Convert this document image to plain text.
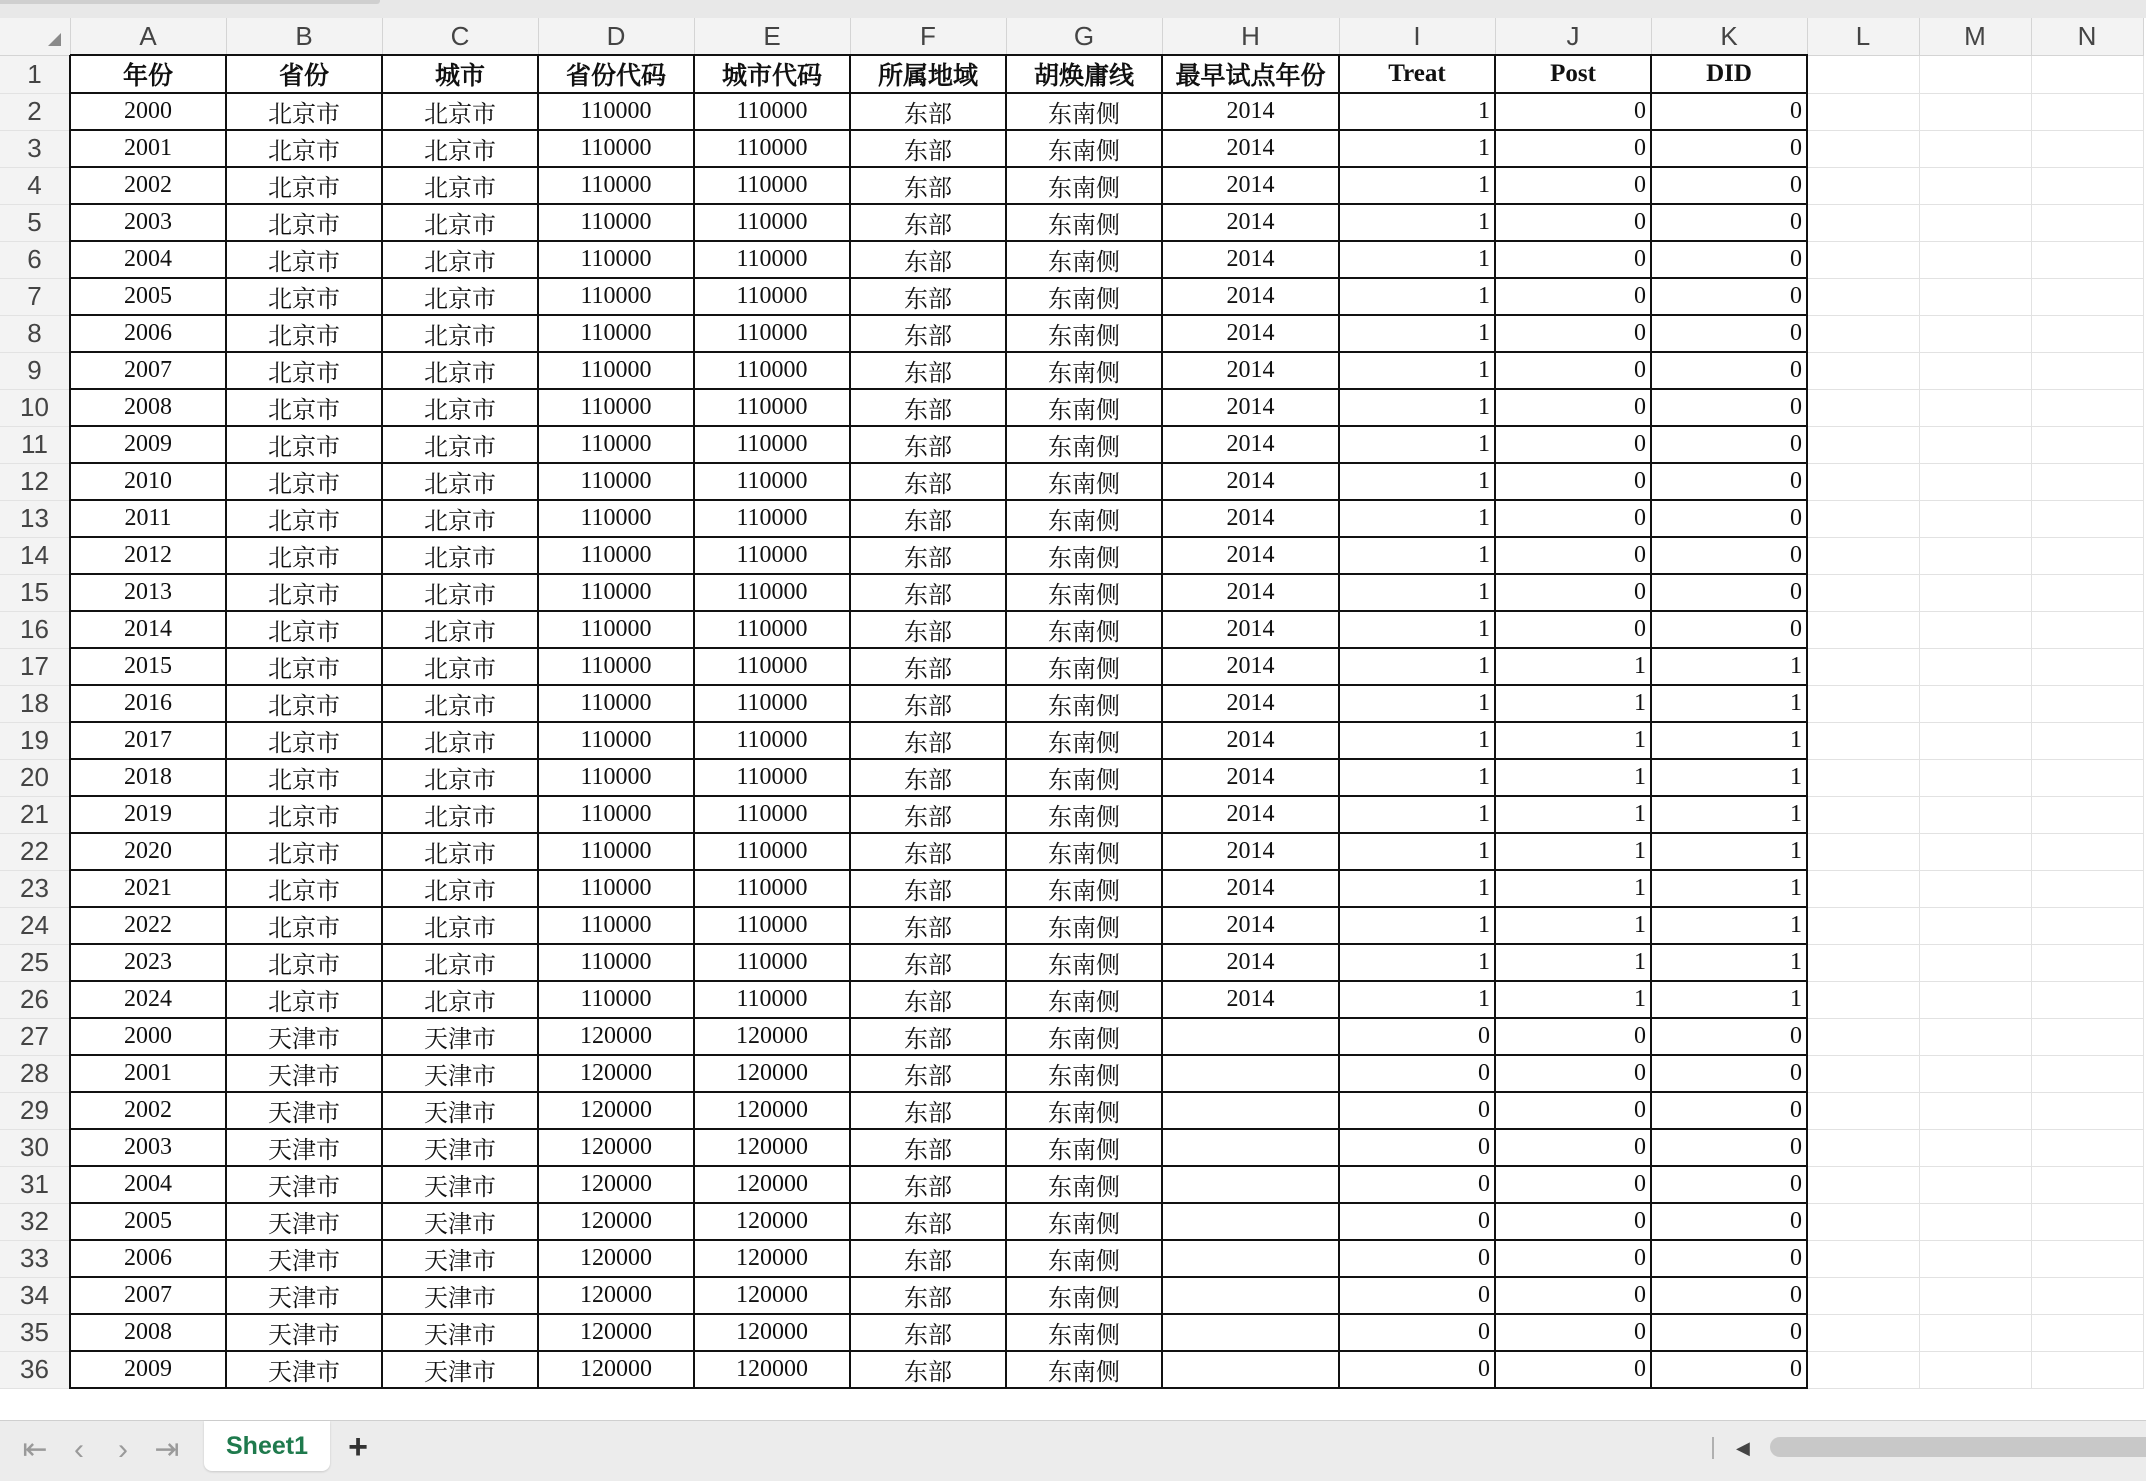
	A	B	C	D	E	F	G	H	I	J	K	L	M	N
1	年份	省份	城市	省份代码	城市代码	所属地域	胡焕庸线	最早试点年份	Treat	Post	DID			
2	2000	北京市	北京市	110000	110000	东部	东南侧	2014	1	0	0			
3	2001	北京市	北京市	110000	110000	东部	东南侧	2014	1	0	0			
4	2002	北京市	北京市	110000	110000	东部	东南侧	2014	1	0	0			
5	2003	北京市	北京市	110000	110000	东部	东南侧	2014	1	0	0			
6	2004	北京市	北京市	110000	110000	东部	东南侧	2014	1	0	0			
7	2005	北京市	北京市	110000	110000	东部	东南侧	2014	1	0	0			
8	2006	北京市	北京市	110000	110000	东部	东南侧	2014	1	0	0			
9	2007	北京市	北京市	110000	110000	东部	东南侧	2014	1	0	0			
10	2008	北京市	北京市	110000	110000	东部	东南侧	2014	1	0	0			
11	2009	北京市	北京市	110000	110000	东部	东南侧	2014	1	0	0			
12	2010	北京市	北京市	110000	110000	东部	东南侧	2014	1	0	0			
13	2011	北京市	北京市	110000	110000	东部	东南侧	2014	1	0	0			
14	2012	北京市	北京市	110000	110000	东部	东南侧	2014	1	0	0			
15	2013	北京市	北京市	110000	110000	东部	东南侧	2014	1	0	0			
16	2014	北京市	北京市	110000	110000	东部	东南侧	2014	1	0	0			
17	2015	北京市	北京市	110000	110000	东部	东南侧	2014	1	1	1			
18	2016	北京市	北京市	110000	110000	东部	东南侧	2014	1	1	1			
19	2017	北京市	北京市	110000	110000	东部	东南侧	2014	1	1	1			
20	2018	北京市	北京市	110000	110000	东部	东南侧	2014	1	1	1			
21	2019	北京市	北京市	110000	110000	东部	东南侧	2014	1	1	1			
22	2020	北京市	北京市	110000	110000	东部	东南侧	2014	1	1	1			
23	2021	北京市	北京市	110000	110000	东部	东南侧	2014	1	1	1			
24	2022	北京市	北京市	110000	110000	东部	东南侧	2014	1	1	1			
25	2023	北京市	北京市	110000	110000	东部	东南侧	2014	1	1	1			
26	2024	北京市	北京市	110000	110000	东部	东南侧	2014	1	1	1			
27	2000	天津市	天津市	120000	120000	东部	东南侧		0	0	0			
28	2001	天津市	天津市	120000	120000	东部	东南侧		0	0	0			
29	2002	天津市	天津市	120000	120000	东部	东南侧		0	0	0			
30	2003	天津市	天津市	120000	120000	东部	东南侧		0	0	0			
31	2004	天津市	天津市	120000	120000	东部	东南侧		0	0	0			
32	2005	天津市	天津市	120000	120000	东部	东南侧		0	0	0			
33	2006	天津市	天津市	120000	120000	东部	东南侧		0	0	0			
34	2007	天津市	天津市	120000	120000	东部	东南侧		0	0	0			
35	2008	天津市	天津市	120000	120000	东部	东南侧		0	0	0			
36	2009	天津市	天津市	120000	120000	东部	东南侧		0	0	0			
⇤ ‹	› ⇥	Sheet1	+	◀
